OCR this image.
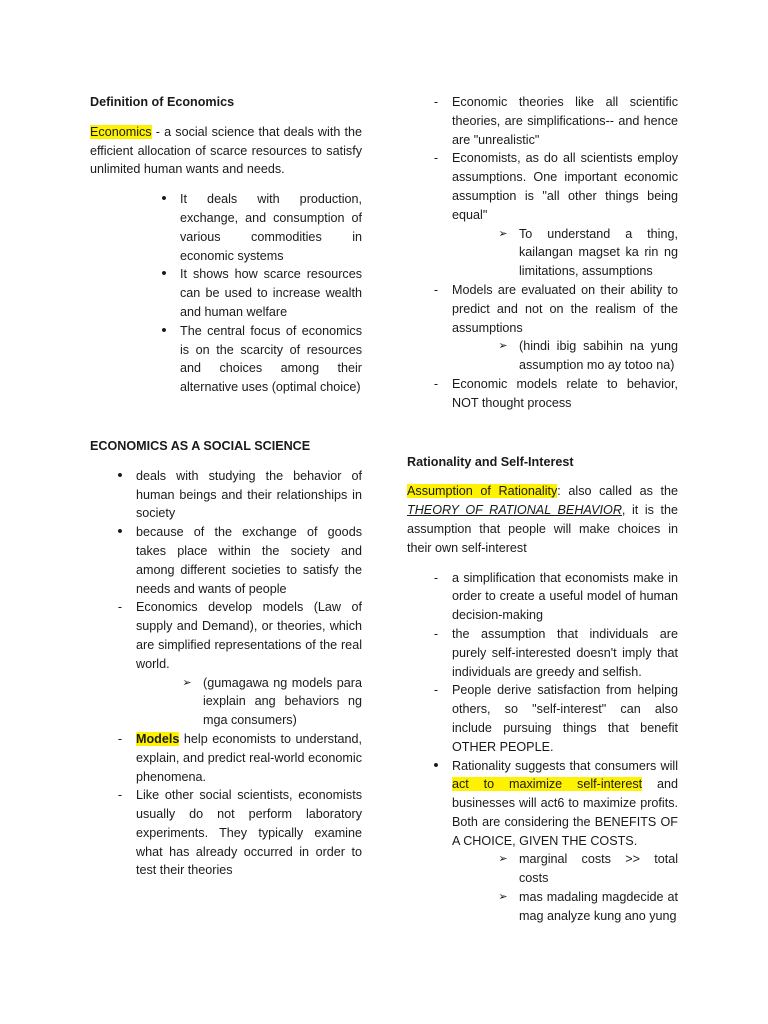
Definition of Economics

Economics - a social science that deals with the efficient allocation of scarce resources to satisfy unlimited human wants and needs.

•	It deals with production, exchange, and consumption of various commodities in economic systems
•	It shows how scarce resources can be used to increase wealth and human welfare
•	The central focus of economics is on the scarcity of resources and choices among their alternative uses (optimal choice)

ECONOMICS AS A SOCIAL SCIENCE

•	deals with studying the behavior of human beings and their relationships in society
•	because of the exchange of goods takes place within the society and among different societies to satisfy the needs and wants of people
-	Economics develop models (Law of supply and Demand), or theories, which are simplified representations of the real world.
➢ (gumagawa ng models para iexplain ang behaviors ng mga consumers)
-	Models help economists to understand, explain, and predict real-world economic phenomena.
-	Like other social scientists, economists usually do not perform laboratory experiments. They typically examine what has already occurred in order to test their theories
-	Economic theories like all scientific theories, are simplifications-- and hence are "unrealistic"
-	Economists, as do all scientists employ assumptions. One important economic assumption is "all other things being equal"
➢ To understand a thing, kailangan magset ka rin ng limitations, assumptions
-	Models are evaluated on their ability to predict and not on the realism of the assumptions
➢ (hindi ibig sabihin na yung assumption mo ay totoo na)
-	Economic models relate to behavior, NOT thought process

Rationality and Self-Interest

Assumption of Rationality: also called as the THEORY OF RATIONAL BEHAVIOR, it is the assumption that people will make choices in their own self-interest

-	a simplification that economists make in order to create a useful model of human decision-making
-	the assumption that individuals are purely self-interested doesn't imply that individuals are greedy and selfish.
-	People derive satisfaction from helping others, so "self-interest" can also include pursuing things that benefit OTHER PEOPLE.
•	Rationality suggests that consumers will act to maximize self-interest and businesses will act6 to maximize profits. Both are considering the BENEFITS OF A CHOICE, GIVEN THE COSTS.
➢ marginal costs >> total costs
➢ mas madaling magdecide at mag analyze kung ano yung
